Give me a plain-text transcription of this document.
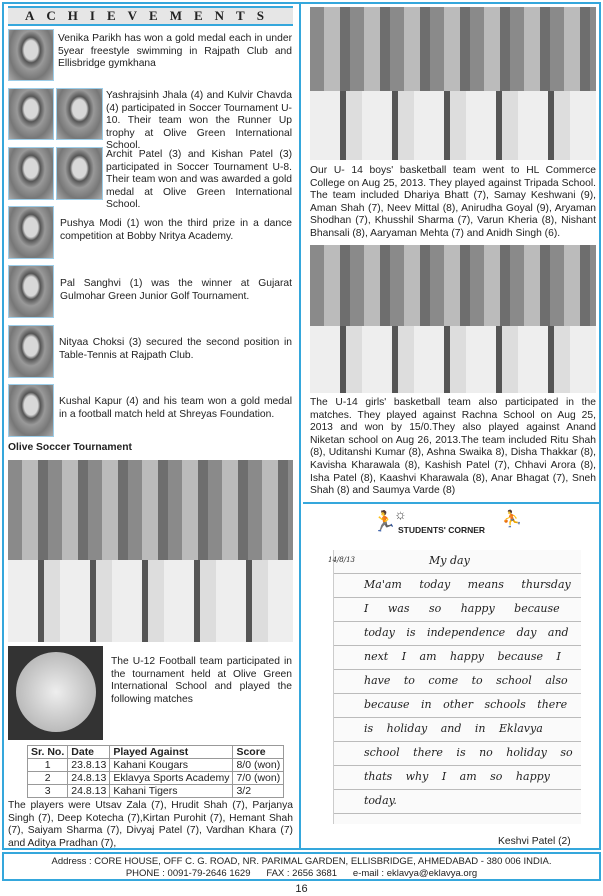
ACHIEVEMENTS
Venika Parikh has won a gold medal each in under 5year freestyle swimming in Rajpath Club and Ellisbridge gymkhana
Yashrajsinh Jhala (4) and Kulvir Chavda (4) participated in Soccer Tournament U-10. Their team won the Runner Up trophy at Olive Green International School.
Archit Patel (3) and Kishan Patel (3) participated in Soccer Tournament U-8. Their team won and was awarded a gold medal at Olive Green International School.
Pushya Modi (1) won the third prize in a dance competition at Bobby Nritya Academy.
Pal Sanghvi (1) was the winner at Gujarat Gulmohar Green Junior Golf Tournament.
Nityaa Choksi (3) secured the second position in Table-Tennis at Rajpath Club.
Kushal Kapur (4) and his team won a gold medal in a football match held at Shreyas Foundation.
Olive Soccer Tournament
The U-12 Football team participated in the tournament held at Olive Green International School and played the following matches
Sr. No.	Date	Played Against	Score
1	23.8.13	Kahani Kougars	8/0 (won)
2	24.8.13	Eklavya Sports Academy	7/0 (won)
3	24.8.13	Kahani Tigers	3/2
The players were Utsav Zala (7), Hrudit Shah (7), Parjanya Singh (7), Deep Kotecha (7),Kirtan Purohit (7), Hemant Shah (7), Saiyam Sharma (7), Divyaj Patel (7), Vardhan Khara (7) and Aditya Pradhan (7),
Our U- 14 boys' basketball team went to HL Commerce College on Aug 25, 2013. They played against Tripada School. The team included Dhariya Bhatt (7), Samay Keshwani (9), Aman Shah (7), Neev Mittal (8), Anirudha Goyal (9), Aryaman Shodhan (7), Khusshil Sharma (7), Varun Kheria (8), Nishant Bhansali (8), Aaryaman Mehta (7) and Anidh Singh (6).
The U-14 girls' basketball team also participated in the matches. They played against Rachna School on Aug 25, 2013 and won by 15/0.They also played against Anand Niketan school on Aug 26, 2013.The team included Ritu Shah (8), Uditanshi Kumar (8), Ashna Swaika 8), Disha Thakkar (8), Kavisha Kharawala (8), Kashish Patel (7), Chhavi Arora (8), Isha Patel (8), Kaashvi Kharawala (8), Anar Bhagat (7), Sneh Shah (8) and Saumya Varde (8)
🏃
☼
STUDENTS' CORNER
⛹
14/8/13	My day
Ma'am today means thursday
I was so happy because
today is independence day and
next I am happy because I
have to come to school also
because in other schools there
is holiday and in Eklavya
school there is no holiday so
thats why I am so happy
today.
Keshvi Patel (2)
Address : CORE HOUSE, OFF C. G. ROAD, NR. PARIMAL GARDEN, ELLISBRIDGE, AHMEDABAD - 380 006 INDIA.
PHONE : 0091-79-2646 1629      FAX : 2656 3681      e-mail : eklavya@eklavya.org
16
